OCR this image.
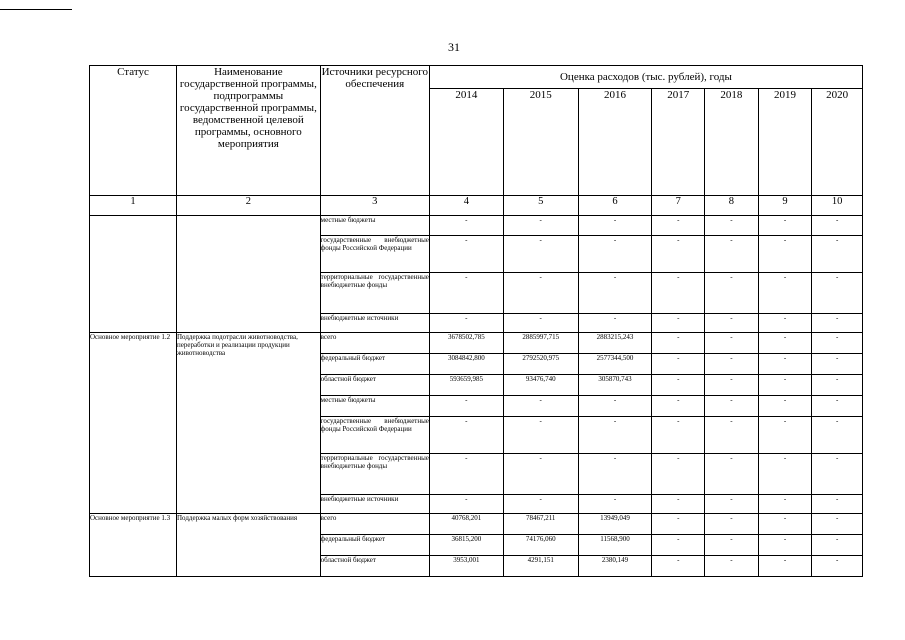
31
Статус	Наименование государственной программы, подпрограммы государственной программы, ведомственной целевой программы, основного мероприятия	Источники ресурсного обеспечения	Оценка расходов (тыс. рублей), годы						
			2014	2015	2016	2017	2018	2019	2020
1	2	3	4	5	6	7	8	9	10
		местные бюджеты	-	-	-	-	-	-	-
		государственные внебюджетные фонды Российской Федерации	-	-	-	-	-	-	-
		территориальные государственные внебюджетные фонды	-	-	-	-	-	-	-
		внебюджетные источники	-	-	-	-	-	-	-
Основное мероприятие 1.2	Поддержка подотрасли животноводства, переработки и реализации продукции животноводства	всего	3678502,785	2885997,715	2883215,243	-	-	-	-
		федеральный бюджет	3084842,800	2792520,975	2577344,500	-	-	-	-
		областной бюджет	593659,985	93476,740	305870,743	-	-	-	-
		местные бюджеты	-	-	-	-	-	-	-
		государственные внебюджетные фонды Российской Федерации	-	-	-	-	-	-	-
		территориальные государственные внебюджетные фонды	-	-	-	-	-	-	-
		внебюджетные источники	-	-	-	-	-	-	-
Основное мероприятие 1.3	Поддержка малых форм хозяйствования	всего	40768,201	78467,211	13949,049	-	-	-	-
		федеральный бюджет	36815,200	74176,060	11568,900	-	-	-	-
		областной бюджет	3953,001	4291,151	2380,149	-	-	-	-
